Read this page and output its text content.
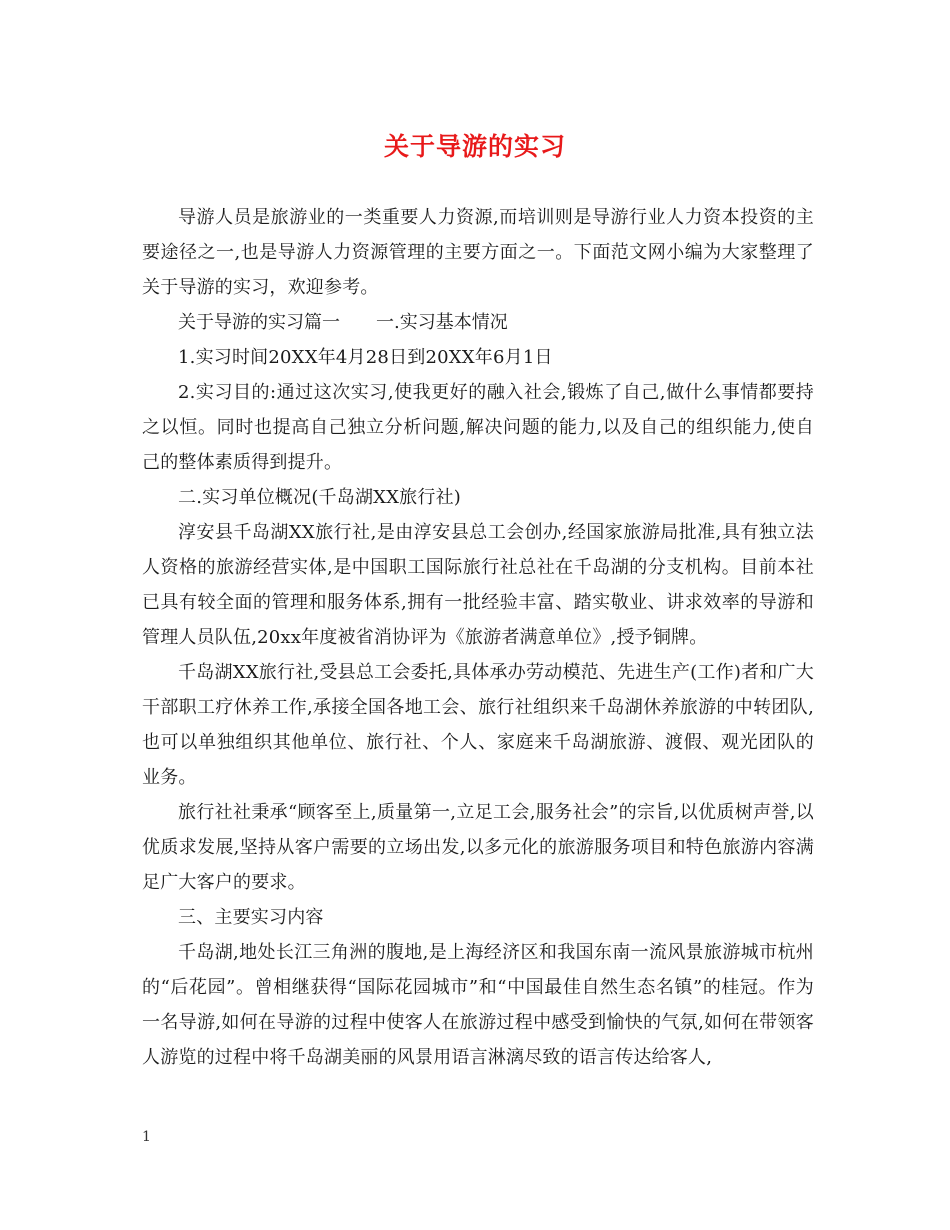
关于导游的实习

导游人员是旅游业的一类重要人力资源,而培训则是导游行业人力资本投资的主要途径之一,也是导游人力资源管理的主要方面之一。下面范文网小编为大家整理了关于导游的实习，欢迎参考。

关于导游的实习篇一 一.实习基本情况

1.实习时间20XX年4月28日到20XX年6月1日

2.实习目的:通过这次实习,使我更好的融入社会,锻炼了自己,做什么事情都要持之以恒。同时也提高自己独立分析问题,解决问题的能力,以及自己的组织能力,使自己的整体素质得到提升。

二.实习单位概况(千岛湖XX旅行社)

淳安县千岛湖XX旅行社,是由淳安县总工会创办,经国家旅游局批准,具有独立法人资格的旅游经营实体,是中国职工国际旅行社总社在千岛湖的分支机构。目前本社已具有较全面的管理和服务体系,拥有一批经验丰富、踏实敬业、讲求效率的导游和管理人员队伍,20xx年度被省消协评为《旅游者满意单位》,授予铜牌。

千岛湖XX旅行社,受县总工会委托,具体承办劳动模范、先进生产(工作)者和广大干部职工疗休养工作,承接全国各地工会、旅行社组织来千岛湖休养旅游的中转团队,也可以单独组织其他单位、旅行社、个人、家庭来千岛湖旅游、渡假、观光团队的业务。

旅行社社秉承“顾客至上,质量第一,立足工会,服务社会”的宗旨,以优质树声誉,以优质求发展,坚持从客户需要的立场出发,以多元化的旅游服务项目和特色旅游内容满足广大客户的要求。

三、主要实习内容

千岛湖,地处长江三角洲的腹地,是上海经济区和我国东南一流风景旅游城市杭州的“后花园”。曾相继获得“国际花园城市”和“中国最佳自然生态名镇”的桂冠。作为一名导游,如何在导游的过程中使客人在旅游过程中感受到愉快的气氛,如何在带领客人游览的过程中将千岛湖美丽的风景用语言淋漓尽致的语言传达给客人,

1
